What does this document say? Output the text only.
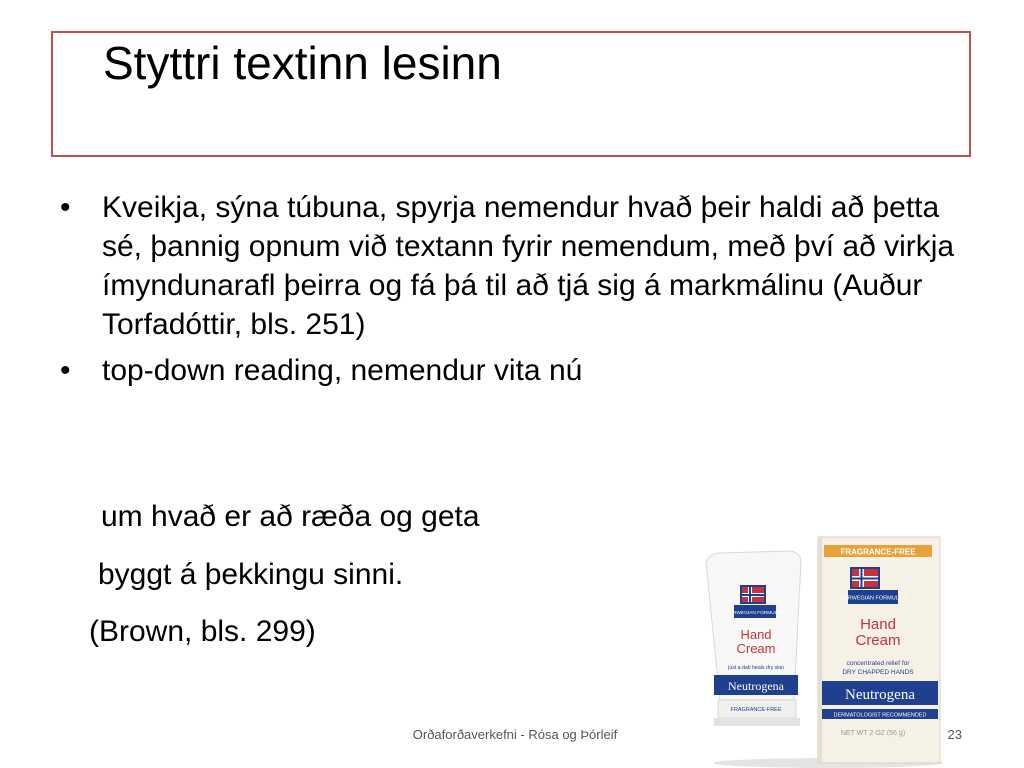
Styttri textinn lesinn
•	Kveikja, sýna túbuna, spyrja nemendur hvað þeir haldi að þetta sé, þannig opnum við textann fyrir nemendum, með því að virkja ímyndunarafl þeirra og fá þá til að tjá sig á markmálinu (Auður Torfadóttir, bls. 251)
•	top-down reading, nemendur vita nú
um hvað er að ræða og geta
byggt á þekkingu sinni.
(Brown, bls. 299)
FRAGRANCE-FREE
NORWEGIAN FORMULA®
Hand
Cream
concentrated relief for
DRY CHAPPED HANDS
Neutrogena
DERMATOLOGIST RECOMMENDED
NET WT 2 OZ (56 g)
NORWEGIAN FORMULA®
Hand
Cream
just a dab heals dry skin
Neutrogena
FRAGRANCE-FREE
Orðaforðaverkefni - Rósa og Þórleif	23
